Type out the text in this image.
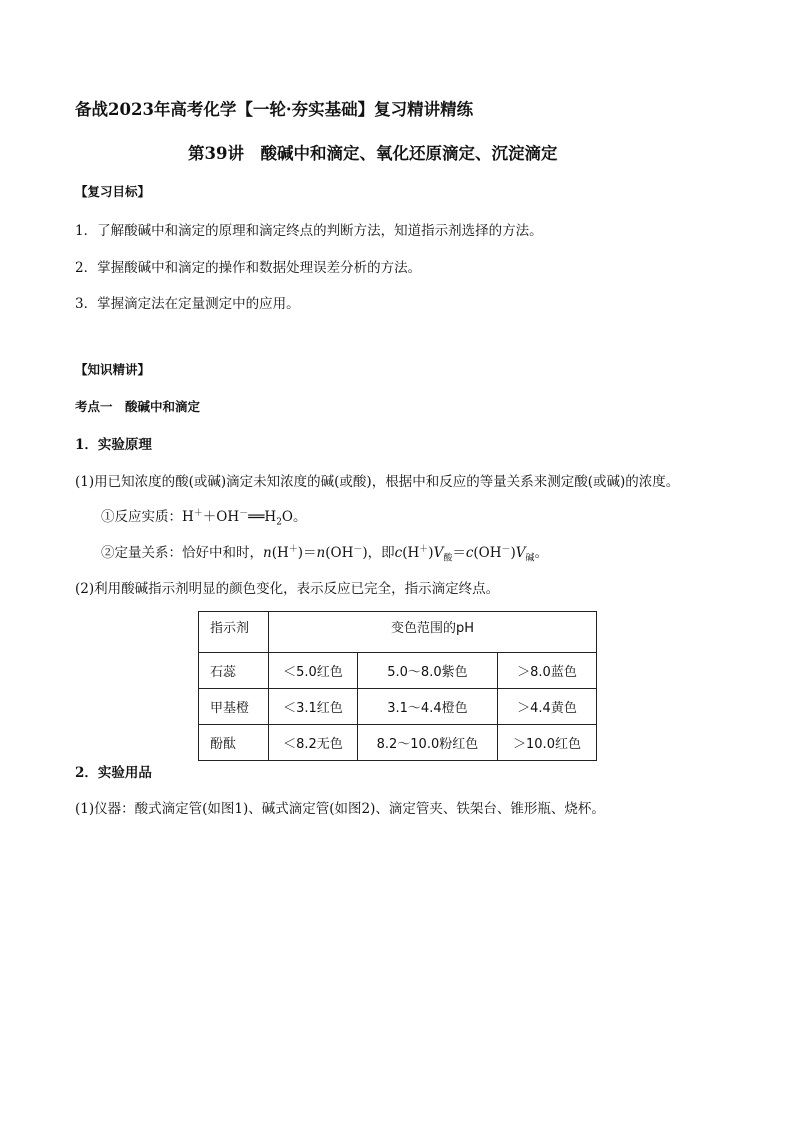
备战2023年高考化学【一轮·夯实基础】复习精讲精练
第39讲　酸碱中和滴定、氧化还原滴定、沉淀滴定
【复习目标】
1．了解酸碱中和滴定的原理和滴定终点的判断方法，知道指示剂选择的方法。
2．掌握酸碱中和滴定的操作和数据处理误差分析的方法。
3．掌握滴定法在定量测定中的应用。
【知识精讲】
考点一　酸碱中和滴定
1．实验原理
(1)用已知浓度的酸(或碱)滴定未知浓度的碱(或酸)，根据中和反应的等量关系来测定酸(或碱)的浓度。
①反应实质：$H^++OH^-══H_2O$。
②定量关系：恰好中和时，n(H＋)＝n(OH－)，即$c(H^+)V_酸=c(OH^-)V_碱$。
(2)利用酸碱指示剂明显的颜色变化，表示反应已完全，指示滴定终点。
指示剂	变色范围的pH		
石蕊	＜5.0红色	5.0～8.0紫色	＞8.0蓝色
甲基橙	＜3.1红色	3.1～4.4橙色	＞4.4黄色
酚酞	＜8.2无色	8.2～10.0粉红色	＞10.0红色
2．实验用品
(1)仪器：酸式滴定管(如图1)、碱式滴定管(如图2)、滴定管夹、铁架台、锥形瓶、烧杯。
